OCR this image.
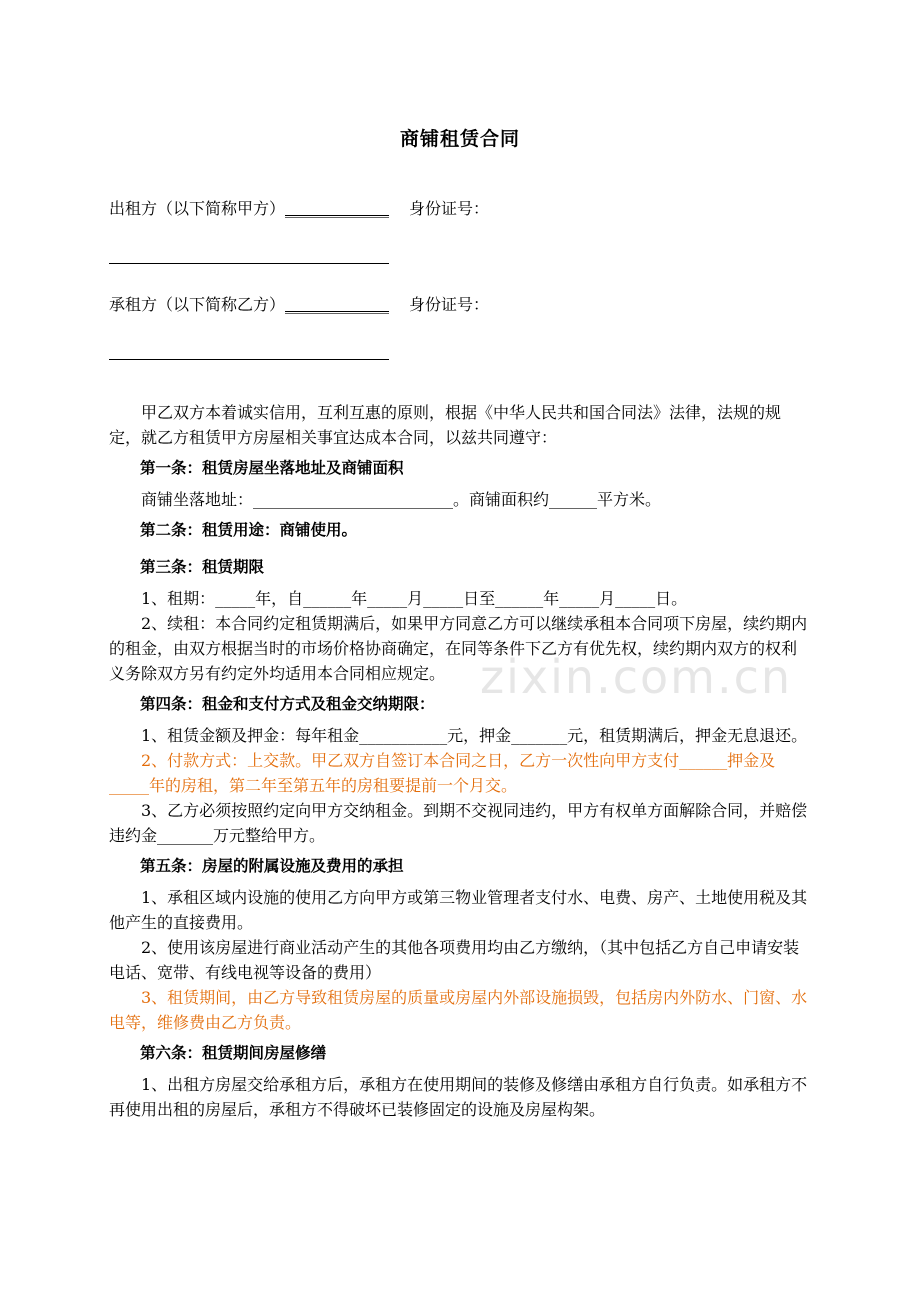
zixin.com.cn
商铺租赁合同
出租方（以下简称甲方）_____________ 身份证号：
承租方（以下简称乙方）_____________ 身份证号：

甲乙双方本着诚实信用，互利互惠的原则，根据《中华人民共和国合同法》法律，法规的规定，就乙方租赁甲方房屋相关事宜达成本合同，以兹共同遵守：

第一条：租赁房屋坐落地址及商铺面积

商铺坐落地址：_________________________。商铺面积约______平方米。

第二条：租赁用途：商铺使用。

第三条：租赁期限

1、租期：_____年，自______年_____月_____日至______年_____月_____日。

2、续租：本合同约定租赁期满后，如果甲方同意乙方可以继续承租本合同项下房屋，续约期内的租金，由双方根据当时的市场价格协商确定，在同等条件下乙方有优先权，续约期内双方的权利义务除双方另有约定外均适用本合同相应规定。

第四条：租金和支付方式及租金交纳期限：

1、租赁金额及押金：每年租金___________元，押金_______元，租赁期满后，押金无息退还。

2、付款方式：上交款。甲乙双方自签订本合同之日，乙方一次性向甲方支付______押金及_____年的房租，第二年至第五年的房租要提前一个月交。

3、乙方必须按照约定向甲方交纳租金。到期不交视同违约，甲方有权单方面解除合同，并赔偿违约金_______万元整给甲方。

第五条：房屋的附属设施及费用的承担

1、承租区域内设施的使用乙方向甲方或第三物业管理者支付水、电费、房产、土地使用税及其他产生的直接费用。

2、使用该房屋进行商业活动产生的其他各项费用均由乙方缴纳，（其中包括乙方自己申请安装电话、宽带、有线电视等设备的费用）

3、租赁期间，由乙方导致租赁房屋的质量或房屋内外部设施损毁，包括房内外防水、门窗、水电等，维修费由乙方负责。

第六条：租赁期间房屋修缮

1、出租方房屋交给承租方后，承租方在使用期间的装修及修缮由承租方自行负责。如承租方不再使用出租的房屋后，承租方不得破坏已装修固定的设施及房屋构架。
